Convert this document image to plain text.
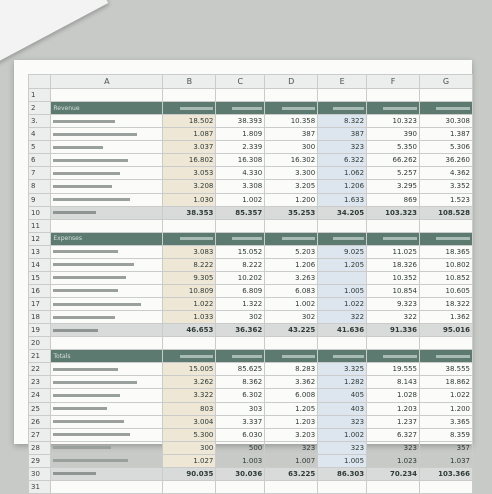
	A	B	C	D	E	F	G
1							
2	Revenue						
3.		18.502	38.393	10.358	8.322	10.323	30.308
4		1.087	1.809	387	387	390	1.387
5		3.037	2.339	300	323	5.350	5.306
6		16.802	16.308	16.302	6.322	66.262	36.260
7		3.053	4.330	3.300	1.062	5.257	4.362
8		3.208	3.308	3.205	1.206	3.295	3.352
9		1.030	1.002	1.200	1.633	869	1.523
10		38.353	85.357	35.253	34.205	103.323	108.528
11							
12	Expenses						
13		3.083	15.052	5.203	9.025	11.025	18.365
14		8.222	8.222	1.206	1.205	18.326	10.802
15		9.305	10.202	3.263		10.352	10.852
16		10.809	6.809	6.083	1.005	10.854	10.605
17		1.022	1.322	1.002	1.022	9.323	18.322
18		1.033	302	302	322	322	1.362
19		46.653	36.362	43.225	41.636	91.336	95.016
20							
21	Totals						
22		15.005	85.625	8.283	3.325	19.555	38.555
23		3.262	8.362	3.362	1.282	8.143	18.862
24		3.322	6.302	6.008	405	1.028	1.022
25		803	303	1.205	403	1.203	1.200
26		3.004	3.337	1.203	323	1.237	3.365
27		5.300	6.030	3.203	1.002	6.327	8.359
28		300	500	323	323	323	357
29		1.027	1.003	1.007	1.005	1.023	1.037
30		90.035	30.036	63.225	86.303	70.234	103.366
31							
